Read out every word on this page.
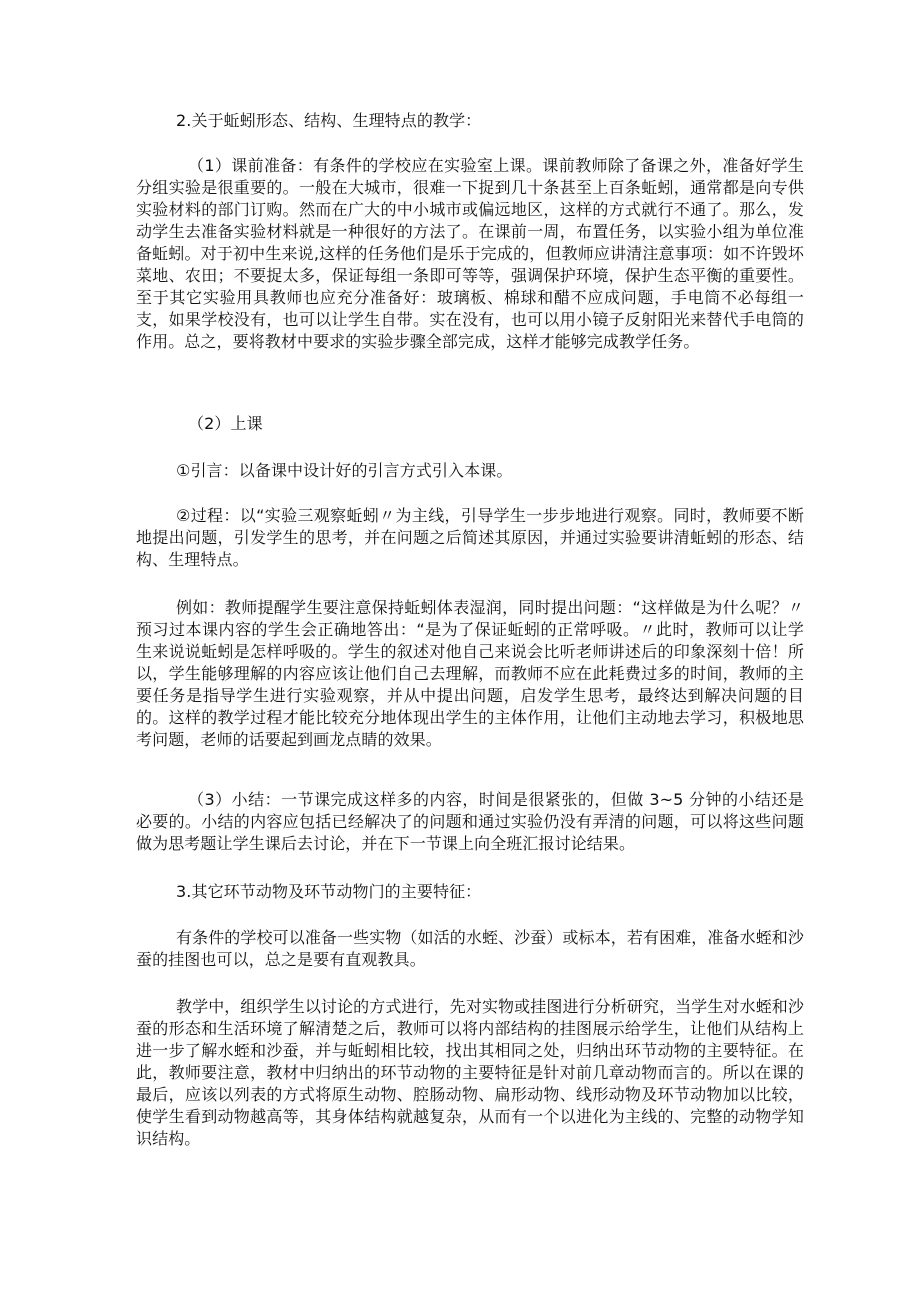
2.关于蚯蚓形态、结构、生理特点的教学：

（1）课前准备：有条件的学校应在实验室上课。课前教师除了备课之外，准备好学生分组实验是很重要的。一般在大城市，很难一下捉到几十条甚至上百条蚯蚓，通常都是向专供实验材料的部门订购。然而在广大的中小城市或偏远地区，这样的方式就行不通了。那么，发动学生去准备实验材料就是一种很好的方法了。在课前一周，布置任务，以实验小组为单位准备蚯蚓。对于初中生来说,这样的任务他们是乐于完成的，但教师应讲清注意事项：如不许毁坏菜地、农田；不要捉太多，保证每组一条即可等等，强调保护环境，保护生态平衡的重要性。至于其它实验用具教师也应充分准备好：玻璃板、棉球和醋不应成问题，手电筒不必每组一支，如果学校没有，也可以让学生自带。实在没有，也可以用小镜子反射阳光来替代手电筒的作用。总之，要将教材中要求的实验步骤全部完成，这样才能够完成教学任务。

（2）上课

①引言：以备课中设计好的引言方式引入本课。

②过程：以“实验三观察蚯蚓〃为主线，引导学生一步步地进行观察。同时，教师要不断地提出问题，引发学生的思考，并在问题之后简述其原因，并通过实验要讲清蚯蚓的形态、结构、生理特点。

例如：教师提醒学生要注意保持蚯蚓体表湿润，同时提出问题：“这样做是为什么呢？〃预习过本课内容的学生会正确地答出：“是为了保证蚯蚓的正常呼吸。〃此时，教师可以让学生来说说蚯蚓是怎样呼吸的。学生的叙述对他自己来说会比听老师讲述后的印象深刻十倍！所以，学生能够理解的内容应该让他们自己去理解，而教师不应在此耗费过多的时间，教师的主要任务是指导学生进行实验观察，并从中提出问题，启发学生思考，最终达到解决问题的目的。这样的教学过程才能比较充分地体现出学生的主体作用，让他们主动地去学习，积极地思考问题，老师的话要起到画龙点睛的效果。

（3）小结：一节课完成这样多的内容，时间是很紧张的，但做 3~5 分钟的小结还是必要的。小结的内容应包括已经解决了的问题和通过实验仍没有弄清的问题，可以将这些问题做为思考题让学生课后去讨论，并在下一节课上向全班汇报讨论结果。

3.其它环节动物及环节动物门的主要特征：

有条件的学校可以准备一些实物（如活的水蛭、沙蚕）或标本，若有困难，准备水蛭和沙蚕的挂图也可以，总之是要有直观教具。

教学中，组织学生以讨论的方式进行，先对实物或挂图进行分析研究，当学生对水蛭和沙蚕的形态和生活环境了解清楚之后，教师可以将内部结构的挂图展示给学生，让他们从结构上进一步了解水蛭和沙蚕，并与蚯蚓相比较，找出其相同之处，归纳出环节动物的主要特征。在此，教师要注意，教材中归纳出的环节动物的主要特征是针对前几章动物而言的。所以在课的最后，应该以列表的方式将原生动物、腔肠动物、扁形动物、线形动物及环节动物加以比较，使学生看到动物越高等，其身体结构就越复杂，从而有一个以进化为主线的、完整的动物学知识结构。
